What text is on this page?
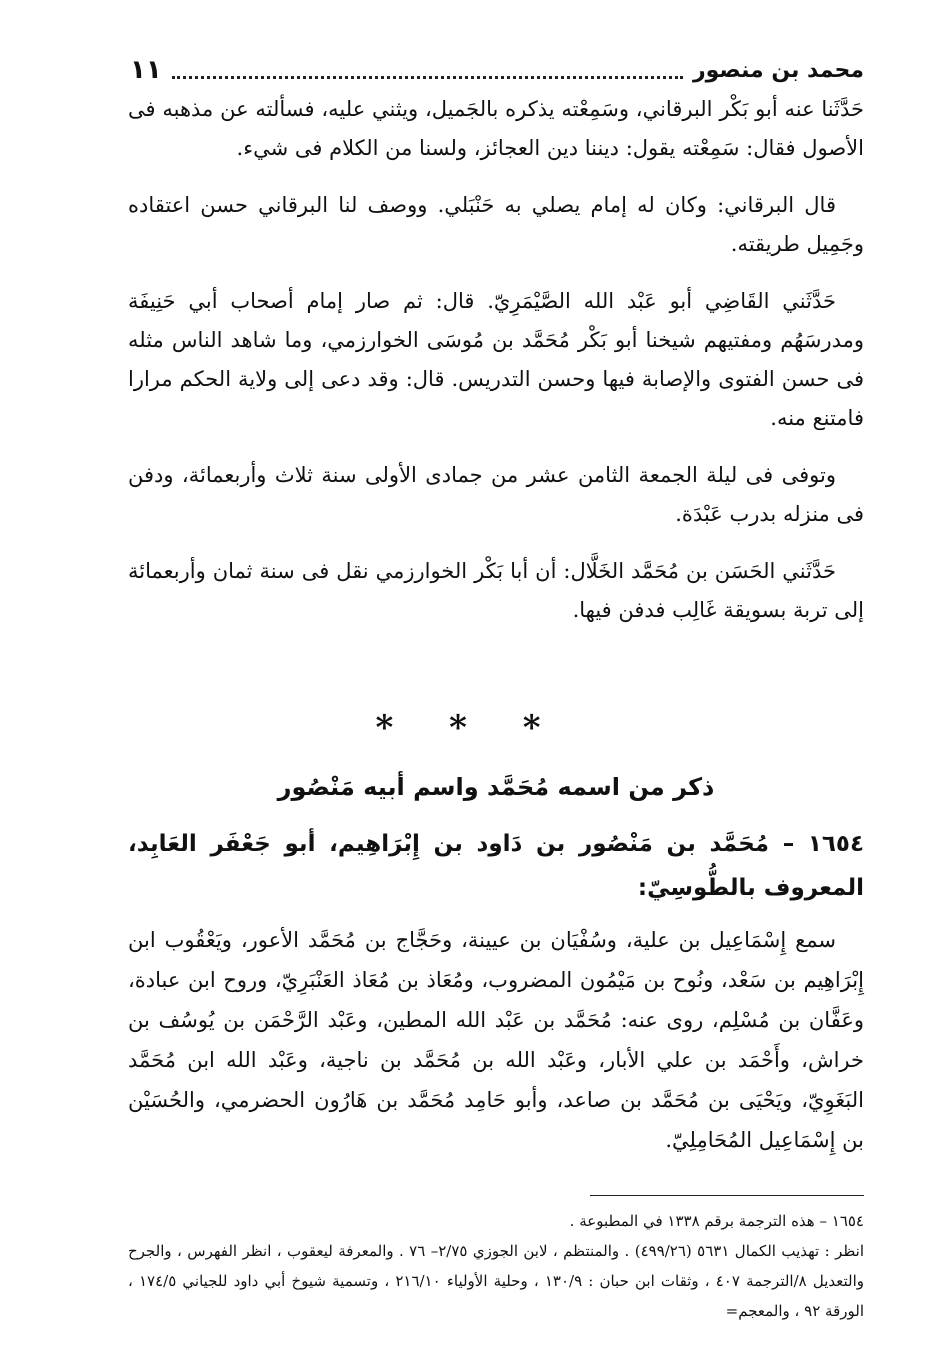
محمد بن منصور
١١

حَدَّثَنا عنه أبو بَكْر البرقاني، وسَمِعْته يذكره بالجَميل، ويثني عليه، فسألته عن مذهبه فى الأصول فقال: سَمِعْته يقول: ديننا دين العجائز، ولسنا من الكلام فى شيء.

قال البرقاني: وكان له إمام يصلي به حَنْبَلي. ووصف لنا البرقاني حسن اعتقاده وجَمِيل طريقته.

حَدَّثَني القَاضِي أبو عَبْد الله الصَّيْمَرِيّ. قال: ثم صار إمام أصحاب أبي حَنِيفَة ومدرسَهُم ومفتيهم شيخنا أبو بَكْر مُحَمَّد بن مُوسَى الخوارزمي، وما شاهد الناس مثله فى حسن الفتوى والإصابة فيها وحسن التدريس. قال: وقد دعى إلى ولاية الحكم مرارا فامتنع منه.

وتوفى فى ليلة الجمعة الثامن عشر من جمادى الأولى سنة ثلاث وأربعمائة، ودفن فى منزله بدرب عَبْدَة.

حَدَّثَني الحَسَن بن مُحَمَّد الخَلَّال: أن أبا بَكْر الخوارزمي نقل فى سنة ثمان وأربعمائة إلى تربة بسويقة غَالِب فدفن فيها.

* * *
ذكر من اسمه مُحَمَّد واسم أبيه مَنْصُور
١٦٥٤ – مُحَمَّد بن مَنْصُور بن دَاود بن إِبْرَاهِيم، أبو جَعْفَر العَابِد، المعروف بالطُّوسِيّ:

سمع إِسْمَاعِيل بن علية، وسُفْيَان بن عيينة، وحَجَّاج بن مُحَمَّد الأعور، ويَعْقُوب ابن إِبْرَاهِيم بن سَعْد، ونُوح بن مَيْمُون المضروب، ومُعَاذ بن مُعَاذ العَنْبَرِيّ، وروح ابن عبادة، وعَفَّان بن مُسْلِم، روى عنه: مُحَمَّد بن عَبْد الله المطين، وعَبْد الرَّحْمَن بن يُوسُف بن خراش، وأَحْمَد بن علي الأبار، وعَبْد الله بن مُحَمَّد بن ناجية، وعَبْد الله ابن مُحَمَّد البَغَوِيّ، ويَحْيَى بن مُحَمَّد بن صاعد، وأبو حَامِد مُحَمَّد بن هَارُون الحضرمي، والحُسَيْن بن إِسْمَاعِيل المُحَامِلِيّ.

١٦٥٤ – هذه الترجمة برقم ١٣٣٨ في المطبوعة .

انظر : تهذيب الكمال ٥٦٣١ (٤٩٩/٢٦) . والمنتظم ، لابن الجوزي ٢/٧٥– ٧٦ . والمعرفة ليعقوب ، انظر الفهرس ، والجرح والتعديل ٨/الترجمة ٤٠٧ ، وثقات ابن حبان : ١٣٠/٩ ، وحلية الأولياء ٢١٦/١٠ ، وتسمية شيوخ أبي داود للجياني ١٧٤/٥ ، الورقة ٩٢ ، والمعجم=
